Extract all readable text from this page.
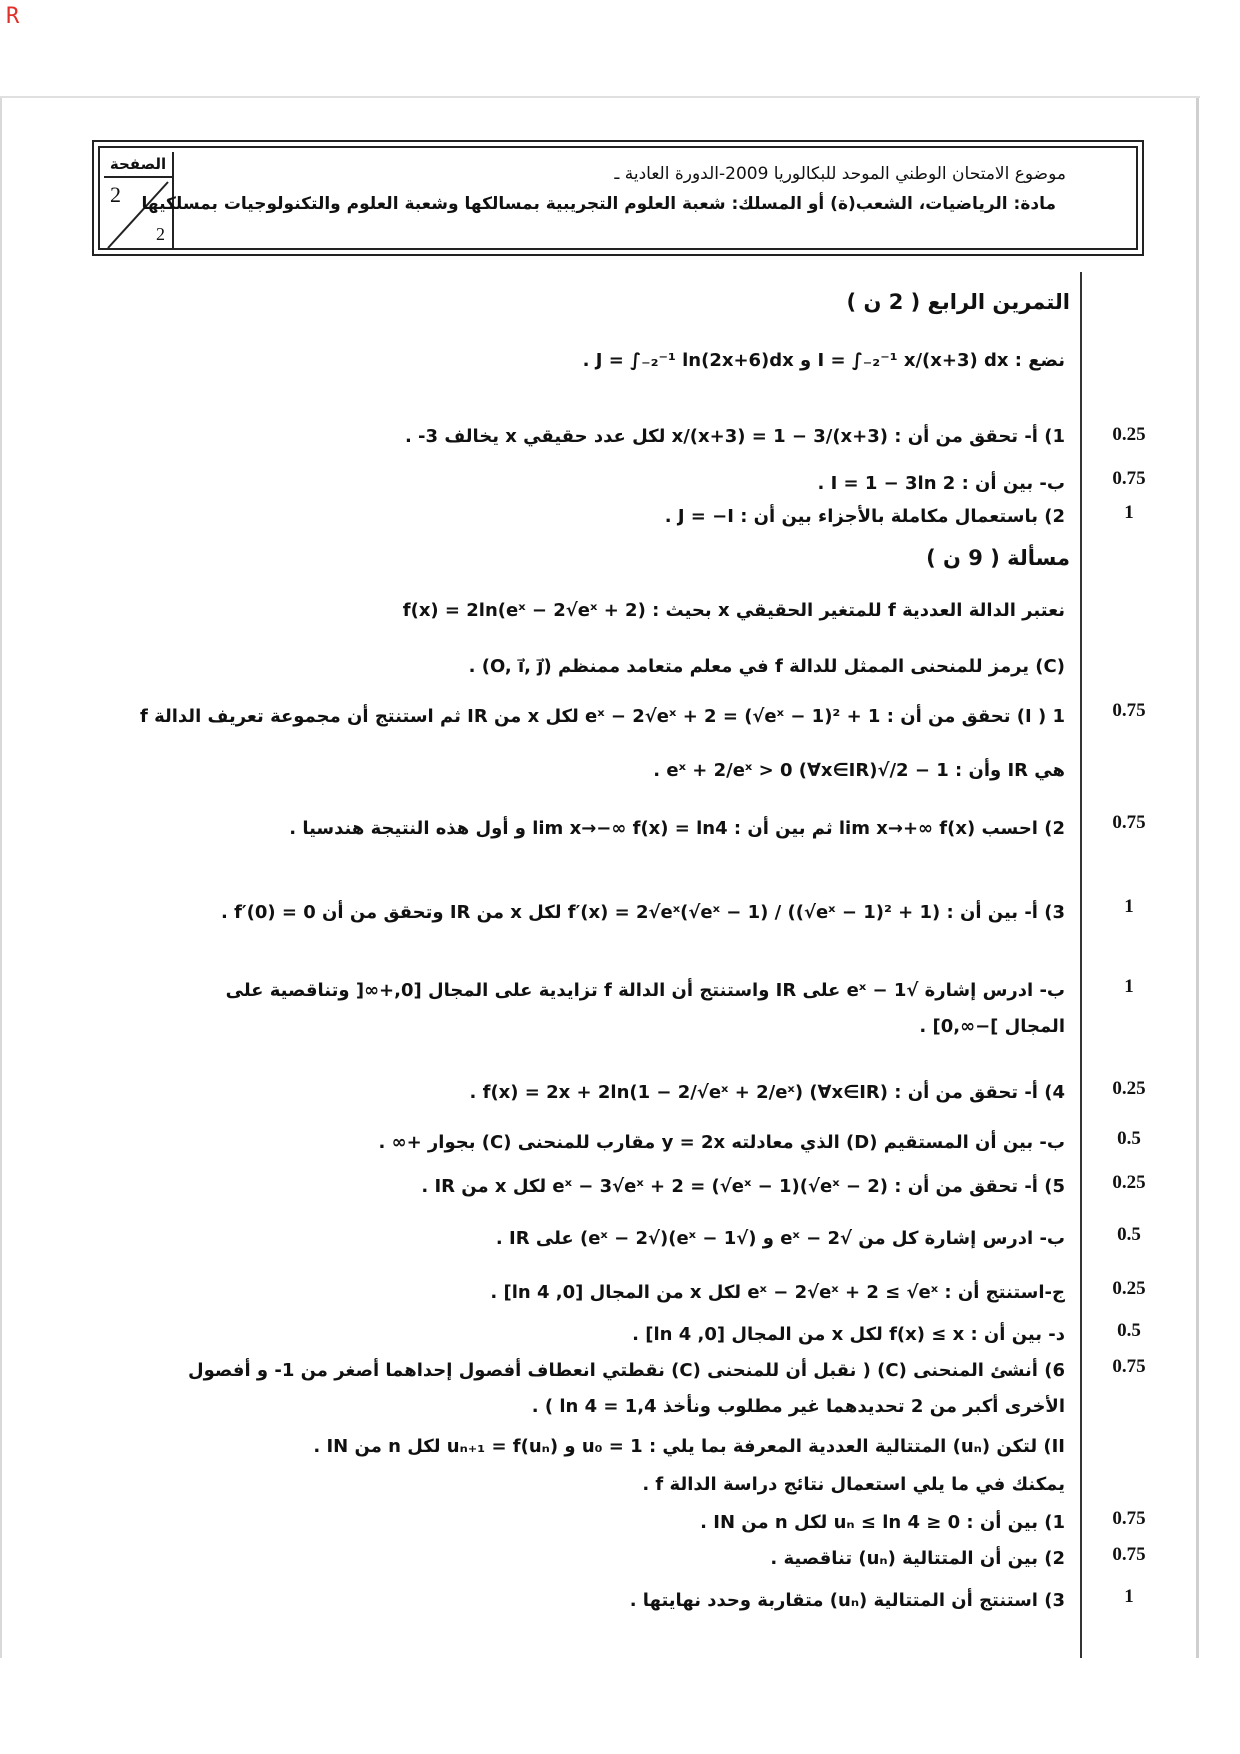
R
الصفحة
2
2
موضوع الامتحان الوطني الموحد للبكالوريا 2009-الدورة العادية ـ
مادة: الرياضيات، الشعب(ة) أو المسلك: شعبة العلوم التجريبية بمسالكها وشعبة العلوم والتكنولوجيات بمسلكيها
التمرين الرابع ( 2 ن )
نضع : I = ∫₋₂⁻¹ x/(x+3) dx و J = ∫₋₂⁻¹ ln(2x+6)dx .
1) أ- تحقق من أن : x/(x+3) = 1 − 3/(x+3) لكل عدد حقيقي x يخالف 3- .
ب- بين أن : I = 1 − 3ln 2 .
2) باستعمال مكاملة بالأجزاء بين أن : J = −I .
مسألة ( 9 ن )
نعتبر الدالة العددية f للمتغير الحقيقي x بحيث : f(x) = 2ln(eˣ − 2√eˣ + 2)
(C) يرمز للمنحنى الممثل للدالة f في معلم متعامد ممنظم (O, i⃗, j⃗) .
I ) 1) تحقق من أن : eˣ − 2√eˣ + 2 = (√eˣ − 1)² + 1 لكل x من IR ثم استنتج أن مجموعة تعريف الدالة f
هي IR وأن : 1 − 2/√eˣ + 2/eˣ > 0 (∀x∈IR) .
2) احسب lim x→+∞ f(x) ثم بين أن : lim x→−∞ f(x) = ln4 و أول هذه النتيجة هندسيا .
3) أ- بين أن : f′(x) = 2√eˣ(√eˣ − 1) / ((√eˣ − 1)² + 1) لكل x من IR وتحقق من أن f′(0) = 0 .
ب- ادرس إشارة √eˣ − 1 على IR واستنتج أن الدالة f تزايدية على المجال [0,+∞[ وتناقصية على
المجال ]−∞,0] .
4) أ- تحقق من أن : f(x) = 2x + 2ln(1 − 2/√eˣ + 2/eˣ) (∀x∈IR) .
ب- بين أن المستقيم (D) الذي معادلته y = 2x مقارب للمنحنى (C) بجوار +∞ .
5) أ- تحقق من أن : eˣ − 3√eˣ + 2 = (√eˣ − 1)(√eˣ − 2) لكل x من IR .
ب- ادرس إشارة كل من √eˣ − 2 و (√eˣ − 1)(√eˣ − 2) على IR .
ج-استنتج أن : eˣ − 2√eˣ + 2 ≤ √eˣ لكل x من المجال [0, ln 4] .
د- بين أن : f(x) ≤ x لكل x من المجال [0, ln 4] .
6) أنشئ المنحنى (C) ( نقبل أن للمنحنى (C) نقطتي انعطاف أفصول إحداهما أصغر من 1- و أفصول
الأخرى أكبر من 2 تحديدهما غير مطلوب ونأخذ ln 4 = 1,4 ) .
II) لتكن (uₙ) المتتالية العددية المعرفة بما يلي : u₀ = 1 و uₙ₊₁ = f(uₙ) لكل n من IN .
يمكنك في ما يلي استعمال نتائج دراسة الدالة f .
1) بين أن : 0 ≤ uₙ ≤ ln 4 لكل n من IN .
2) بين أن المتتالية (uₙ) تناقصية .
3) استنتج أن المتتالية (uₙ) متقاربة وحدد نهايتها .
0.25
0.75
1
0.75
0.75
1
1
0.25
0.5
0.25
0.5
0.25
0.5
0.75
0.75
0.75
1
